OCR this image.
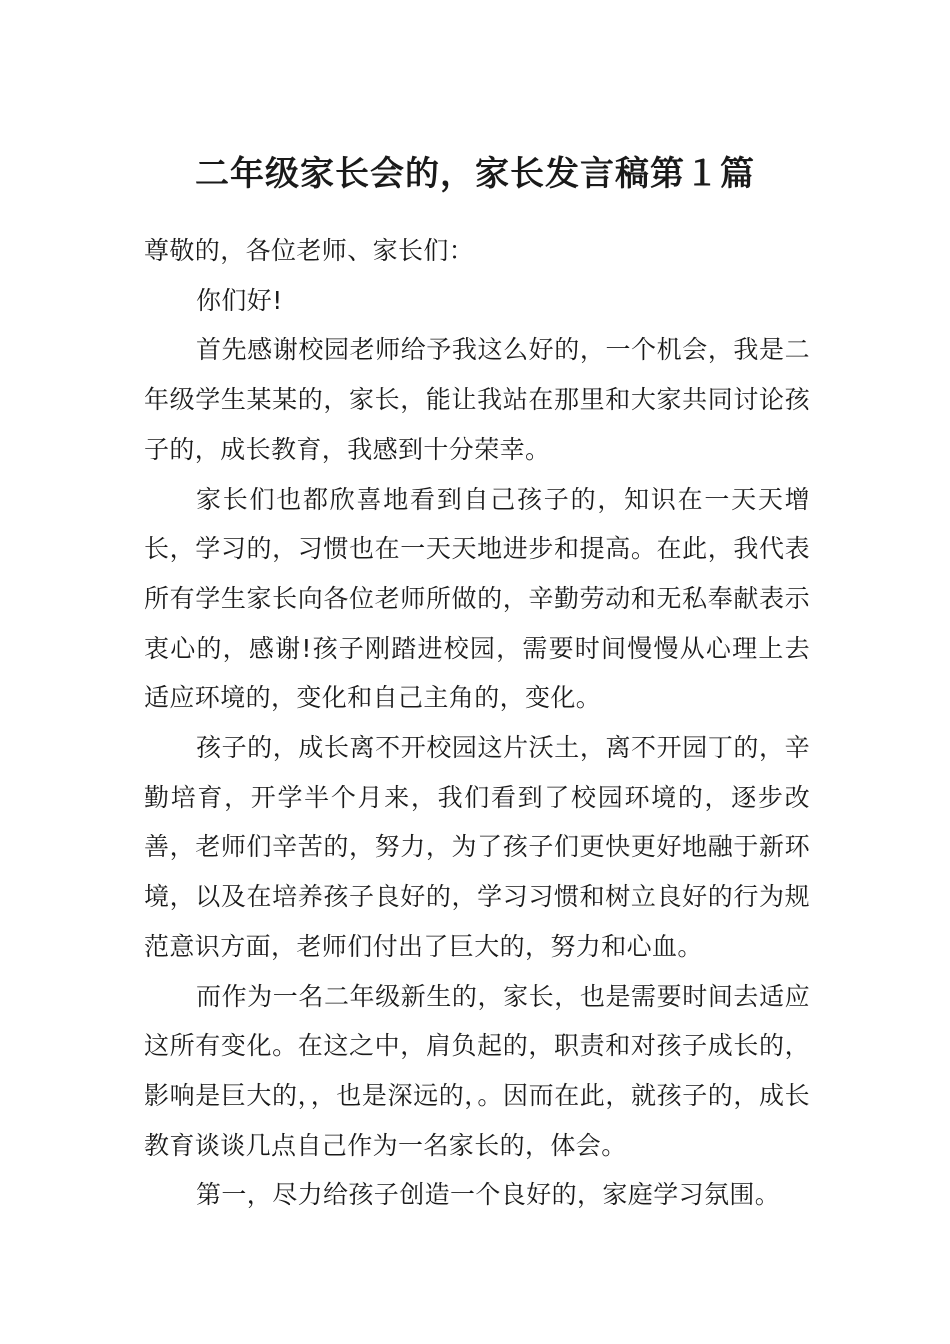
二年级家长会的，家长发言稿第１篇

尊敬的，各位老师、家长们：

你们好!

首先感谢校园老师给予我这么好的，一个机会，我是二年级学生某某的，家长，能让我站在那里和大家共同讨论孩子的，成长教育，我感到十分荣幸。

家长们也都欣喜地看到自己孩子的，知识在一天天增长，学习的，习惯也在一天天地进步和提高。在此，我代表所有学生家长向各位老师所做的，辛勤劳动和无私奉献表示衷心的，感谢!孩子刚踏进校园，需要时间慢慢从心理上去适应环境的，变化和自己主角的，变化。

孩子的，成长离不开校园这片沃土，离不开园丁的，辛勤培育，开学半个月来，我们看到了校园环境的，逐步改善，老师们辛苦的，努力，为了孩子们更快更好地融于新环境，以及在培养孩子良好的，学习习惯和树立良好的行为规范意识方面，老师们付出了巨大的，努力和心血。

而作为一名二年级新生的，家长，也是需要时间去适应这所有变化。在这之中，肩负起的，职责和对孩子成长的，影响是巨大的，，也是深远的，。因而在此，就孩子的，成长教育谈谈几点自己作为一名家长的，体会。

第一，尽力给孩子创造一个良好的，家庭学习氛围。
